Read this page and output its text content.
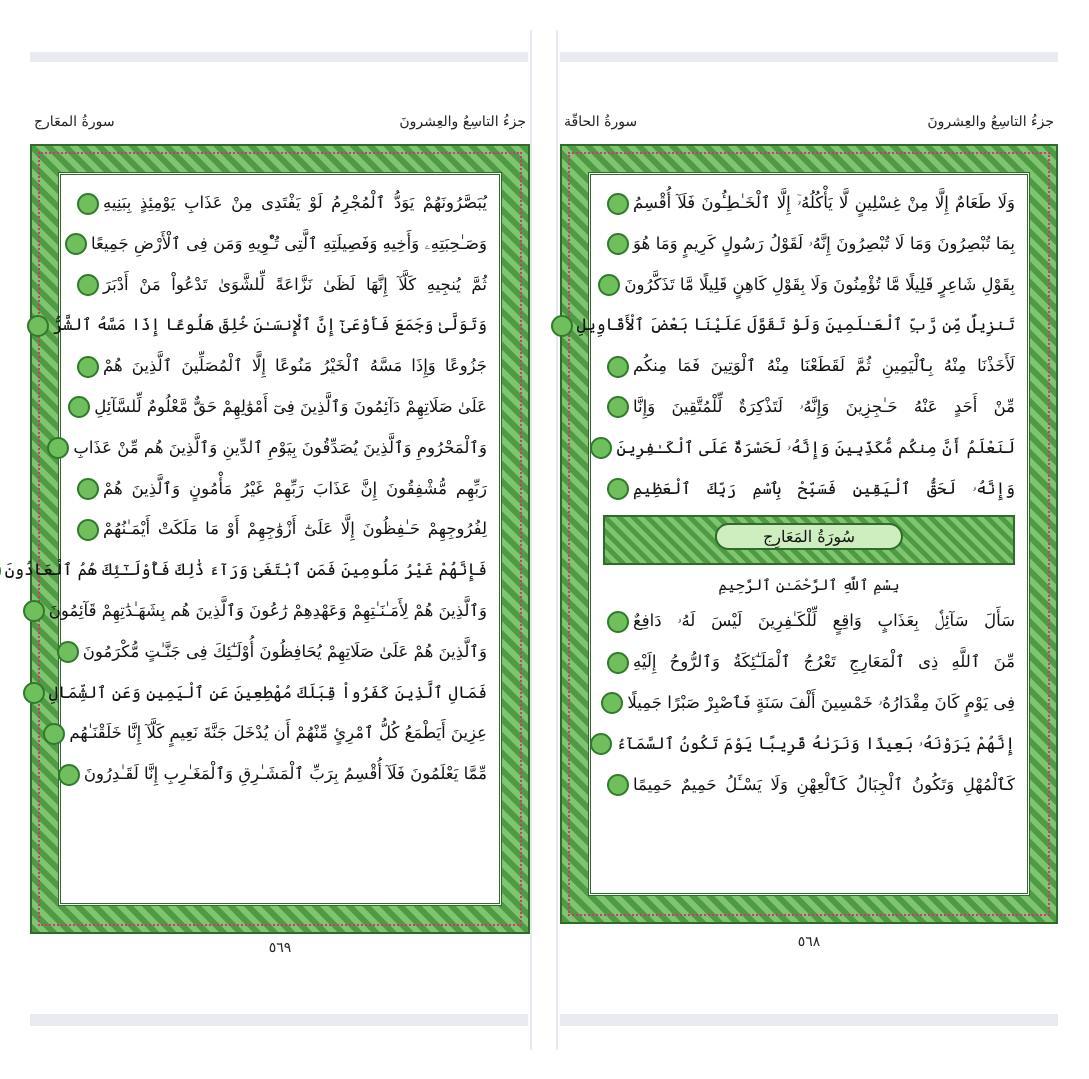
جزءُ التاسِعُ والعِشرونَ
سورةُ المعَارج
يُبَصَّرُونَهُمْ يَوَدُّ ٱلْمُجْرِمُ لَوْ يَفْتَدِى مِنْ عَذَابِ يَوْمِئِذٍ بِبَنِيهِ
وَصَـٰحِبَتِهِۦ وَأَخِيهِ وَفَصِيلَتِهِ ٱلَّتِى تُـْٔوِيهِ وَمَن فِى ٱلْأَرْضِ جَمِيعًا
ثُمَّ يُنجِيهِ كَلَّآ إِنَّهَا لَظَىٰ نَزَّاعَةً لِّلشَّوَىٰ تَدْعُواْ مَنْ أَدْبَرَ
وَتَوَلَّىٰ وَجَمَعَ فَأَوْعَىٰٓ إِنَّ ٱلْإِنسَـٰنَ خُلِقَ هَلُوعًا إِذَا مَسَّهُ ٱلشَّرُّ
جَزُوعًا وَإِذَا مَسَّهُ ٱلْخَيْرُ مَنُوعًا إِلَّا ٱلْمُصَلِّينَ ٱلَّذِينَ هُمْ
عَلَىٰ صَلَاتِهِمْ دَآئِمُونَ وَٱلَّذِينَ فِىٓ أَمْوَٰلِهِمْ حَقٌّ مَّعْلُومٌ لِّلسَّآئِلِ
وَٱلْمَحْرُومِ وَٱلَّذِينَ يُصَدِّقُونَ بِيَوْمِ ٱلدِّينِ وَٱلَّذِينَ هُم مِّنْ عَذَابِ
رَبِّهِم مُّشْفِقُونَ إِنَّ عَذَابَ رَبِّهِمْ غَيْرُ مَأْمُونٍ وَٱلَّذِينَ هُمْ
لِفُرُوجِهِمْ حَـٰفِظُونَ إِلَّا عَلَىٰٓ أَزْوَٰجِهِمْ أَوْ مَا مَلَكَتْ أَيْمَـٰنُهُمْ
فَإِنَّهُمْ غَيْرُ مَلُومِينَ فَمَنِ ٱبْتَغَىٰ وَرَآءَ ذَٰلِكَ فَأُوْلَـٰٓئِكَ هُمُ ٱلْعَادُونَ
وَٱلَّذِينَ هُمْ لِأَمَـٰنَـٰتِهِمْ وَعَهْدِهِمْ رَٰعُونَ وَٱلَّذِينَ هُم بِشَهَـٰدَٰتِهِمْ قَآئِمُونَ
وَٱلَّذِينَ هُمْ عَلَىٰ صَلَاتِهِمْ يُحَافِظُونَ أُوْلَـٰٓئِكَ فِى جَنَّـٰتٍ مُّكْرَمُونَ
فَمَالِ ٱلَّذِينَ كَفَرُواْ قِبَلَكَ مُهْطِعِينَ عَنِ ٱلْيَمِينِ وَعَنِ ٱلشِّمَالِ
عِزِينَ أَيَطْمَعُ كُلُّ ٱمْرِئٍ مِّنْهُمْ أَن يُدْخَلَ جَنَّةَ نَعِيمٍ كَلَّآ إِنَّا خَلَقْنَـٰهُم
مِّمَّا يَعْلَمُونَ فَلَآ أُقْسِمُ بِرَبِّ ٱلْمَشَـٰرِقِ وَٱلْمَغَـٰرِبِ إِنَّا لَقَـٰدِرُونَ
٥٦٩
جزءُ التاسِعُ والعِشرونَ
سورةُ الحاقّة
وَلَا طَعَامٌ إِلَّا مِنْ غِسْلِينٍ لَّا يَأْكُلُهُۥٓ إِلَّا ٱلْخَـٰطِـُٔونَ فَلَآ أُقْسِمُ
بِمَا تُبْصِرُونَ وَمَا لَا تُبْصِرُونَ إِنَّهُۥ لَقَوْلُ رَسُولٍ كَرِيمٍ وَمَا هُوَ
بِقَوْلِ شَاعِرٍ قَلِيلًا مَّا تُؤْمِنُونَ وَلَا بِقَوْلِ كَاهِنٍ قَلِيلًا مَّا تَذَكَّرُونَ
تَنزِيلٌ مِّن رَّبِّ ٱلْعَـٰلَمِينَ وَلَوْ تَقَوَّلَ عَلَيْنَا بَعْضَ ٱلْأَقَاوِيلِ
لَأَخَذْنَا مِنْهُ بِٱلْيَمِينِ ثُمَّ لَقَطَعْنَا مِنْهُ ٱلْوَتِينَ فَمَا مِنكُم
مِّنْ أَحَدٍ عَنْهُ حَـٰجِزِينَ وَإِنَّهُۥ لَتَذْكِرَةٌ لِّلْمُتَّقِينَ وَإِنَّا
لَنَعْلَمُ أَنَّ مِنكُم مُّكَذِّبِينَ وَإِنَّهُۥ لَحَسْرَةٌ عَلَى ٱلْكَـٰفِرِينَ
وَإِنَّهُۥ لَحَقُّ ٱلْيَقِينِ فَسَبِّحْ بِٱسْمِ رَبِّكَ ٱلْعَظِيمِ
سُورَةُ المَعَارِج
بِسْمِ ٱللَّهِ ٱلرَّحْمَـٰنِ ٱلرَّحِيمِ
سَأَلَ سَآئِلٌۢ بِعَذَابٍ وَاقِعٍ لِّلْكَـٰفِرِينَ لَيْسَ لَهُۥ دَافِعٌ
مِّنَ ٱللَّهِ ذِى ٱلْمَعَارِجِ تَعْرُجُ ٱلْمَلَـٰٓئِكَةُ وَٱلرُّوحُ إِلَيْهِ
فِى يَوْمٍ كَانَ مِقْدَارُهُۥ خَمْسِينَ أَلْفَ سَنَةٍ فَٱصْبِرْ صَبْرًا جَمِيلًا
إِنَّهُمْ يَرَوْنَهُۥ بَعِيدًا وَنَرَىٰهُ قَرِيبًا يَوْمَ تَكُونُ ٱلسَّمَآءُ
كَٱلْمُهْلِ وَتَكُونُ ٱلْجِبَالُ كَٱلْعِهْنِ وَلَا يَسْـَٔلُ حَمِيمٌ حَمِيمًا
٥٦٨
